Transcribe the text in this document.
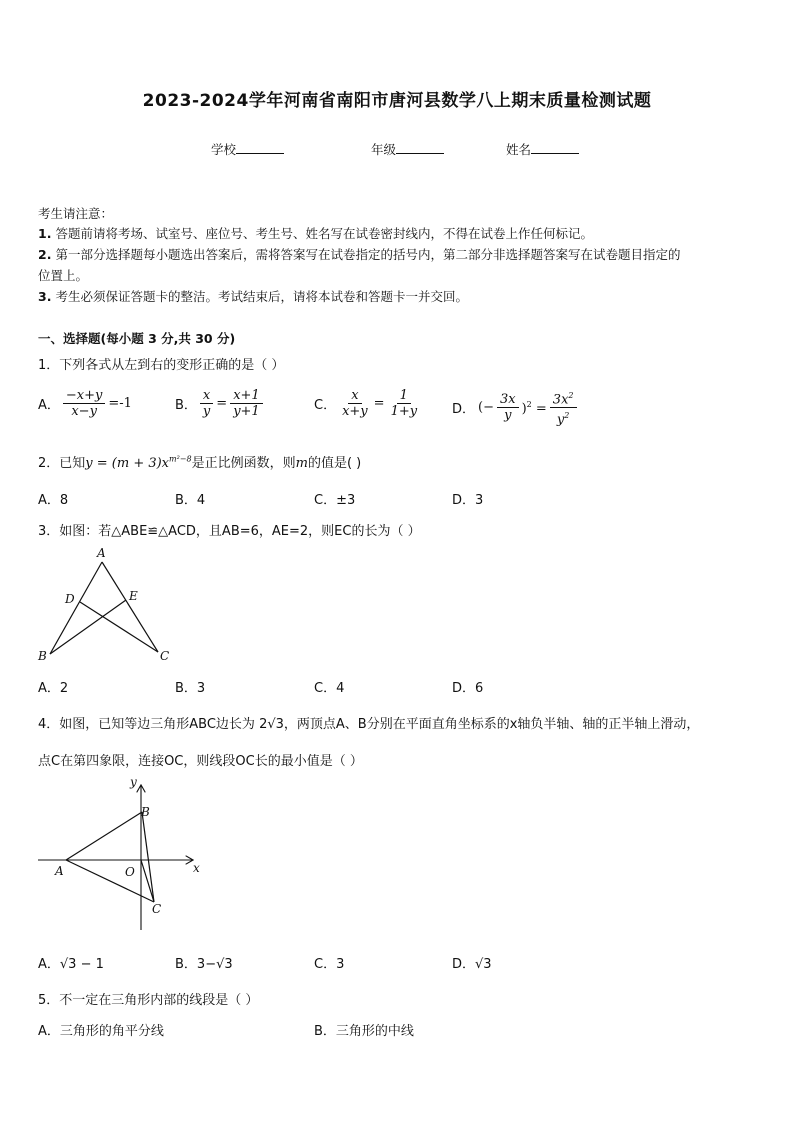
2023-2024学年河南省南阳市唐河县数学八上期末质量检测试题
学校	年级	姓名
考生请注意：
1. 答题前请将考场、试室号、座位号、考生号、姓名写在试卷密封线内，不得在试卷上作任何标记。
2. 第一部分选择题每小题选出答案后，需将答案写在试卷指定的括号内，第二部分非选择题答案写在试卷题目指定的
位置上。
3. 考生必须保证答题卡的整洁。考试结束后，请将本试卷和答题卡一并交回。
一、选择题(每小题 3 分,共 30 分)
1．下列各式从左到右的变形正确的是（ ）
A． $\frac{-x+y}{x-y} =-1$	B． $\frac{x}{y} = \frac{x+1}{y+1}$	C． $\frac{x}{x+y} = \frac{1}{1+y}$ D． (− $\frac{3x}{y} )^2 = \frac{3x^2}{y^2}$
2．已知$y = (m + 3)x^{m^2-8}$是正比例函数，则m的值是( )
A．8	B．4	C．±3	D．3
3．如图：若△ABE≌△ACD，且AB=6，AE=2，则EC的长为（ ）
A
D	E
B	C
A．2	B．3	C．4	D．6
4．如图，已知等边三角形ABC边长为 2√3，两顶点A、B分别在平面直角坐标系的x轴负半轴、轴的正半轴上滑动，
点C在第四象限，连接OC，则线段OC长的最小值是（ ）
y
B
x
A	O
C
A．√3 − 1	B．3−√3	C．3	D．√3
5．不一定在三角形内部的线段是（ ）
A．三角形的角平分线	B．三角形的中线
